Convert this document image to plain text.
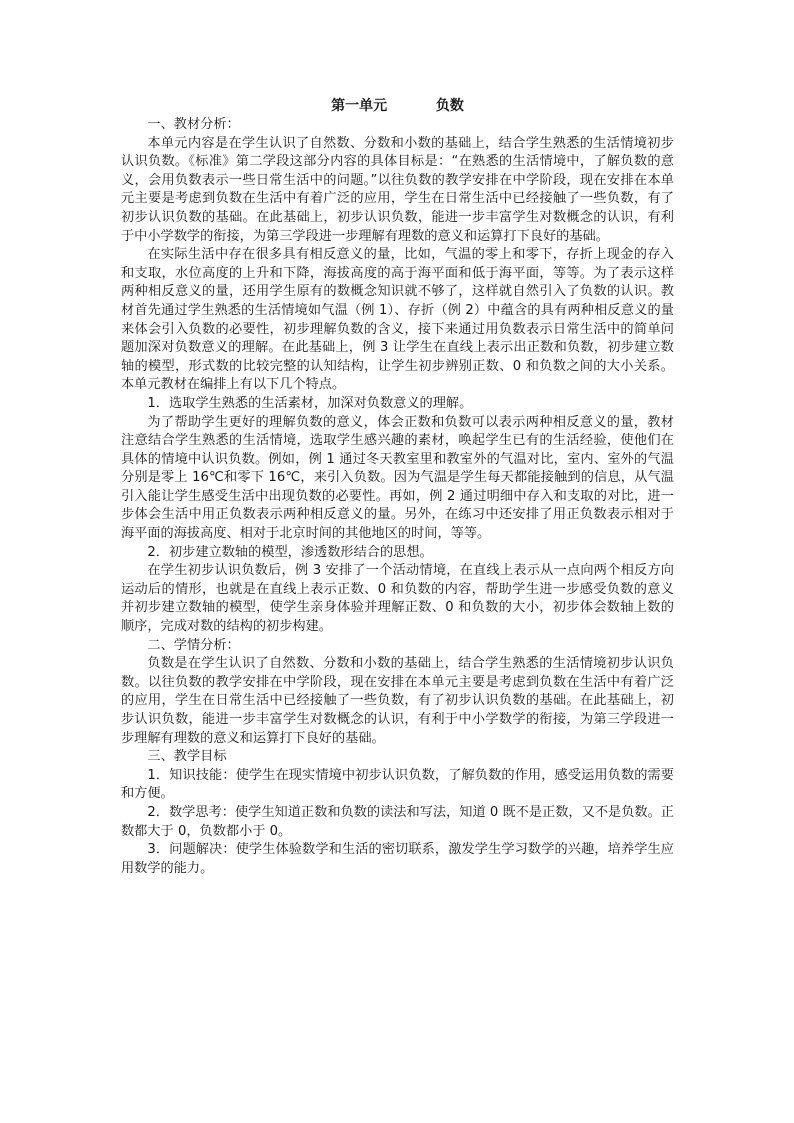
第一单元          负数
一、教材分析：
本单元内容是在学生认识了自然数、分数和小数的基础上，结合学生熟悉的生活情境初步认识负数。《标准》第二学段这部分内容的具体目标是：“在熟悉的生活情境中，了解负数的意义，会用负数表示一些日常生活中的问题。”以往负数的教学安排在中学阶段，现在安排在本单元主要是考虑到负数在生活中有着广泛的应用，学生在日常生活中已经接触了一些负数，有了初步认识负数的基础。在此基础上，初步认识负数，能进一步丰富学生对数概念的认识，有利于中小学数学的衔接，为第三学段进一步理解有理数的意义和运算打下良好的基础。
在实际生活中存在很多具有相反意义的量，比如，气温的零上和零下，存折上现金的存入和支取，水位高度的上升和下降，海拔高度的高于海平面和低于海平面，等等。为了表示这样两种相反意义的量，还用学生原有的数概念知识就不够了，这样就自然引入了负数的认识。教材首先通过学生熟悉的生活情境如气温（例 1）、存折（例 2）中蕴含的具有两种相反意义的量来体会引入负数的必要性，初步理解负数的含义，接下来通过用负数表示日常生活中的简单问题加深对负数意义的理解。在此基础上，例 3 让学生在直线上表示出正数和负数，初步建立数轴的模型，形式数的比较完整的认知结构，让学生初步辨别正数、0 和负数之间的大小关系。本单元教材在编排上有以下几个特点。
1．选取学生熟悉的生活素材，加深对负数意义的理解。
为了帮助学生更好的理解负数的意义，体会正数和负数可以表示两种相反意义的量，教材注意结合学生熟悉的生活情境，选取学生感兴趣的素材，唤起学生已有的生活经验，使他们在具体的情境中认识负数。例如，例 1 通过冬天教室里和教室外的气温对比，室内、室外的气温分别是零上 16℃和零下 16℃，来引入负数。因为气温是学生每天都能接触到的信息，从气温引入能让学生感受生活中出现负数的必要性。再如，例 2 通过明细中存入和支取的对比，进一步体会生活中用正负数表示两种相反意义的量。另外，在练习中还安排了用正负数表示相对于海平面的海拔高度、相对于北京时间的其他地区的时间，等等。
2．初步建立数轴的模型，渗透数形结合的思想。
在学生初步认识负数后，例 3 安排了一个活动情境，在直线上表示从一点向两个相反方向运动后的情形，也就是在直线上表示正数、0 和负数的内容，帮助学生进一步感受负数的意义并初步建立数轴的模型，使学生亲身体验并理解正数、0 和负数的大小，初步体会数轴上数的顺序，完成对数的结构的初步构建。
二、学情分析：
负数是在学生认识了自然数、分数和小数的基础上，结合学生熟悉的生活情境初步认识负数。以往负数的教学安排在中学阶段，现在安排在本单元主要是考虑到负数在生活中有着广泛的应用，学生在日常生活中已经接触了一些负数，有了初步认识负数的基础。在此基础上，初步认识负数，能进一步丰富学生对数概念的认识，有利于中小学数学的衔接，为第三学段进一步理解有理数的意义和运算打下良好的基础。
三、教学目标
1．知识技能：使学生在现实情境中初步认识负数，了解负数的作用，感受运用负数的需要和方便。
2．数学思考：使学生知道正数和负数的读法和写法，知道 0 既不是正数，又不是负数。正数都大于 0，负数都小于 0。
3．问题解决：使学生体验数学和生活的密切联系，激发学生学习数学的兴趣，培养学生应用数学的能力。
